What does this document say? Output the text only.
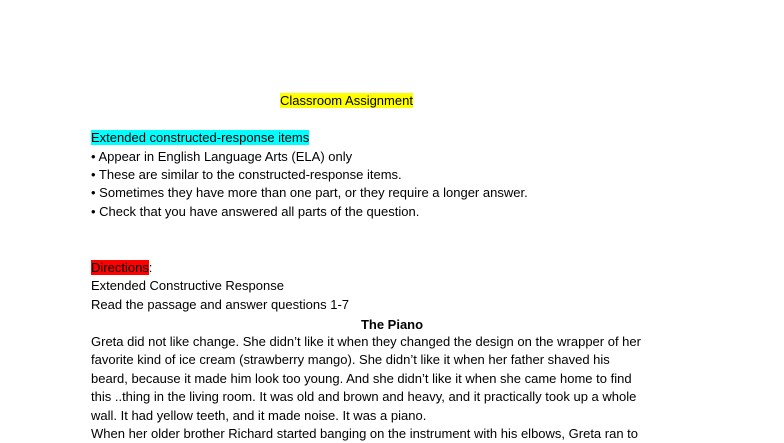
Classroom Assignment
Extended constructed-response items
• Appear in English Language Arts (ELA) only
• These are similar to the constructed-response items.
• Sometimes they have more than one part, or they require a longer answer.
• Check that you have answered all parts of the question.
Directions:
Extended Constructive Response
Read the passage and answer questions 1-7
The Piano
Greta did not like change. She didn’t like it when they changed the design on the wrapper of her
favorite kind of ice cream (strawberry mango). She didn’t like it when her father shaved his
beard, because it made him look too young. And she didn’t like it when she came home to find
this ..thing in the living room. It was old and brown and heavy, and it practically took up a whole
wall. It had yellow teeth, and it made noise. It was a piano.
When her older brother Richard started banging on the instrument with his elbows, Greta ran to
